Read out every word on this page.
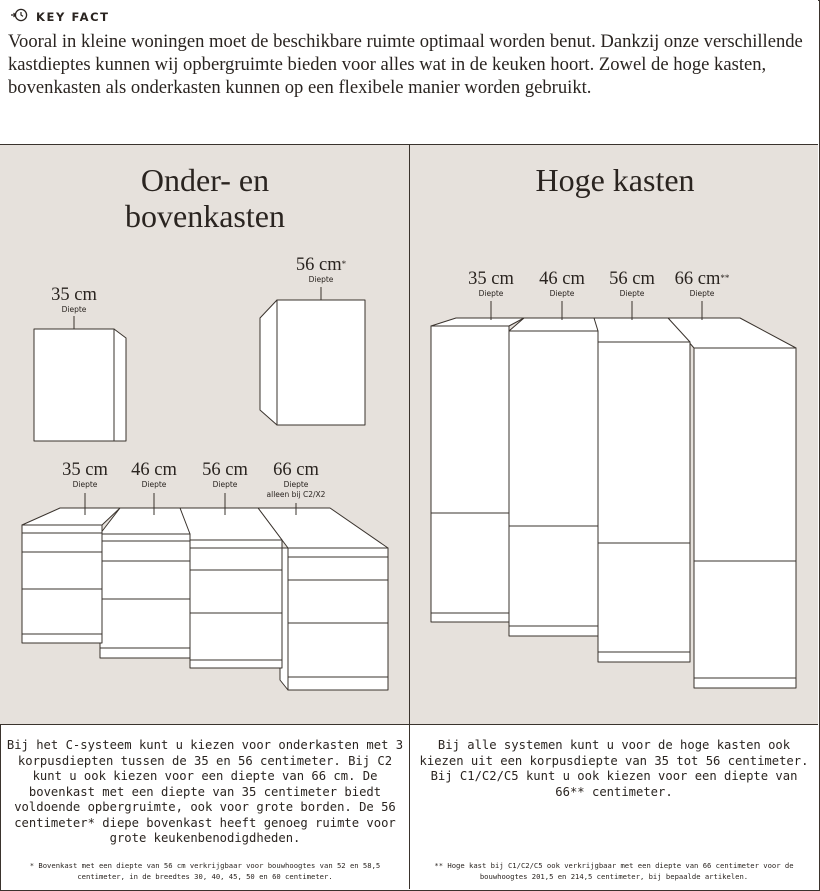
KEY FACT
Vooral in kleine woningen moet de beschikbare ruimte optimaal worden benut. Dankzij onze verschillende kastdieptes kunnen wij opbergruimte bieden voor alles wat in de keuken hoort. Zowel de hoge kasten, bovenkasten als onderkasten kunnen op een flexibele manier worden gebruikt.
Onder- en
bovenkasten
35 cm
Diepte
56 cm*
Diepte
35 cm
Diepte
46 cm
Diepte
56 cm
Diepte
66 cm
Diepte
alleen bij C2/X2
Hoge kasten
35 cm
Diepte
46 cm
Diepte
56 cm
Diepte
66 cm**
Diepte
Bij het C-systeem kunt u kiezen voor onderkasten met 3 korpusdiepten tussen de 35 en 56 centimeter. Bij C2 kunt u ook kiezen voor een diepte van 66 cm. De bovenkast met een diepte van 35 centimeter biedt voldoende opbergruimte, ook voor grote borden. De 56 centimeter* diepe bovenkast heeft genoeg ruimte voor grote keukenbenodigdheden.
Bij alle systemen kunt u voor de hoge kasten ook kiezen uit een korpusdiepte van 35 tot 56 centimeter. Bij C1/C2/C5 kunt u ook kiezen voor een diepte van 66** centimeter.
* Bovenkast met een diepte van 56 cm verkrijgbaar voor bouwhoogtes van 52 en 58,5 centimeter, in de breedtes 30, 40, 45, 50 en 60 centimeter.
** Hoge kast bij C1/C2/C5 ook verkrijgbaar met een diepte van 66 centimeter voor de bouwhoogtes 201,5 en 214,5 centimeter, bij bepaalde artikelen.
